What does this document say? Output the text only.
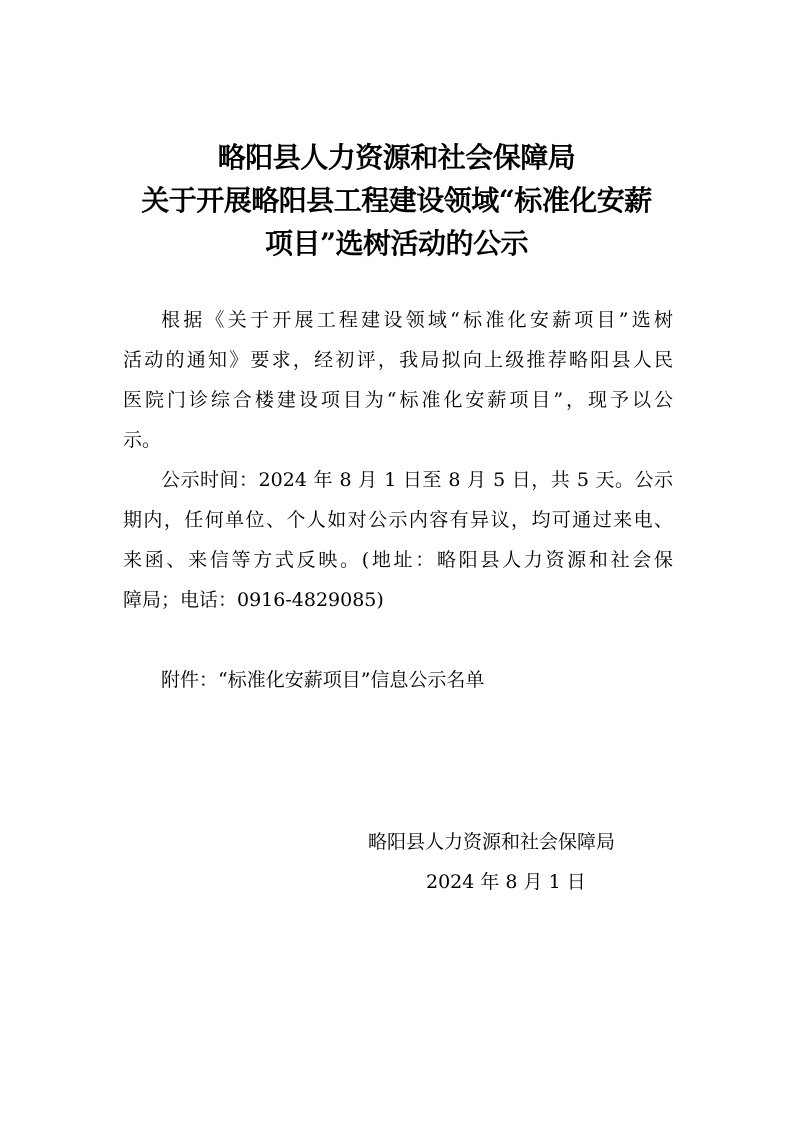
略阳县人力资源和社会保障局
关于开展略阳县工程建设领域“标准化安薪
项目”选树活动的公示
根据《关于开展工程建设领域“标准化安薪项目”选树
活动的通知》要求，经初评，我局拟向上级推荐略阳县人民
医院门诊综合楼建设项目为“标准化安薪项目”，现予以公
示。
公示时间：2024 年 8 月 1 日至 8 月 5 日，共 5 天。公示
期内，任何单位、个人如对公示内容有异议，均可通过来电、
来函、来信等方式反映。(地址：略阳县人力资源和社会保
障局；电话：0916-4829085)
附件：“标准化安薪项目”信息公示名单
略阳县人力资源和社会保障局
2024 年 8 月 1 日
